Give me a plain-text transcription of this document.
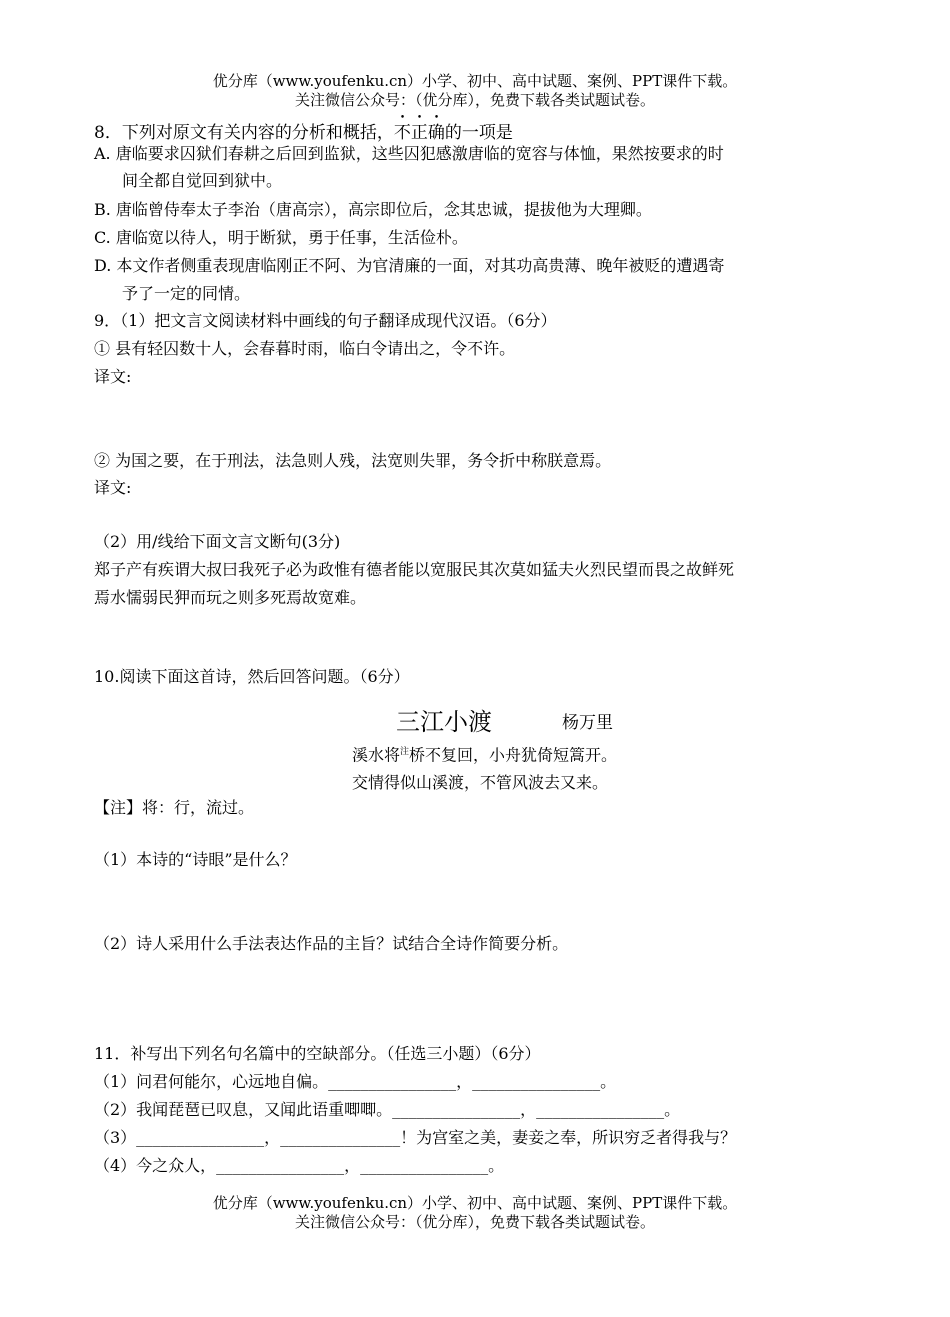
优分库（www.youfenku.cn）小学、初中、高中试题、案例、PPT课件下载。
关注微信公众号：（优分库），免费下载各类试题试卷。
8．下列对原文有关内容的分析和概括，不正确的一项是
A. 唐临要求囚狱们春耕之后回到监狱，这些囚犯感激唐临的宽容与体恤，果然按要求的时
间全都自觉回到狱中。
B. 唐临曾侍奉太子李治（唐高宗），高宗即位后，念其忠诚，提拔他为大理卿。
C. 唐临宽以待人，明于断狱，勇于任事，生活俭朴。
D. 本文作者侧重表现唐临刚正不阿、为官清廉的一面，对其功高贵薄、晚年被贬的遭遇寄
予了一定的同情。
9．（1）把文言文阅读材料中画线的句子翻译成现代汉语。（6分）
① 县有轻囚数十人，会春暮时雨，临白令请出之，令不许。
译文:
② 为国之要，在于刑法，法急则人残，法宽则失罪，务令折中称朕意焉。
译文:
（2）用/线给下面文言文断句(3分)
郑子产有疾谓大叔曰我死子必为政惟有德者能以宽服民其次莫如猛夫火烈民望而畏之故鲜死
焉水懦弱民狎而玩之则多死焉故宽难。
10.阅读下面这首诗，然后回答问题。（6分）
三江小渡	杨万里
溪水将$^注$桥不复回，小舟犹倚短篙开。
交情得似山溪渡，不管风波去又来。
【注】将：行，流过。
（1）本诗的“诗眼”是什么？
（2）诗人采用什么手法表达作品的主旨？试结合全诗作简要分析。
11．补写出下列名句名篇中的空缺部分。（任选三小题）（6分）
（1）问君何能尔，心远地自偏。________________，________________。
（2）我闻琵琶已叹息，又闻此语重唧唧。________________，________________。
（3）________________，_______________！为宫室之美，妻妾之奉，所识穷乏者得我与？
（4）今之众人，________________，________________。
优分库（www.youfenku.cn）小学、初中、高中试题、案例、PPT课件下载。
关注微信公众号：（优分库），免费下载各类试题试卷。
